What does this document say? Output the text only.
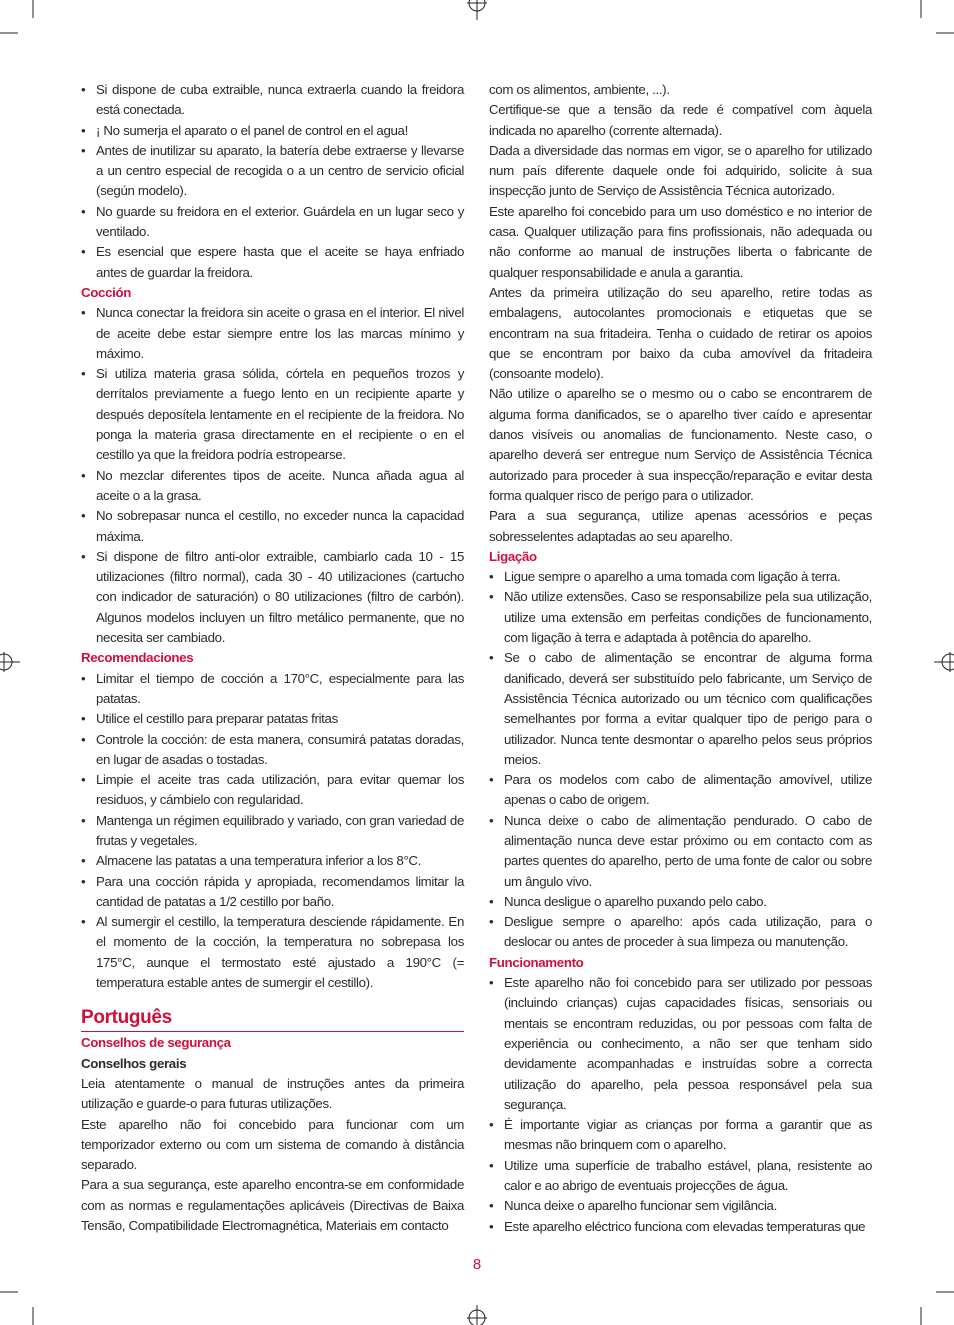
• Si dispone de cuba extraible, nunca extraerla cuando la freidora está conectada.
• ¡ No sumerja el aparato o el panel de control en el agua!
• Antes de inutilizar su aparato, la batería debe extraerse y llevarse a un centro especial de recogida o a un centro de servicio oficial (según modelo).
• No guarde su freidora en el exterior. Guárdela en un lugar seco y ventilado.
• Es esencial que espere hasta que el aceite se haya enfriado antes de guardar la freidora.
Cocción
• Nunca conectar la freidora sin aceite o grasa en el interior. El nivel de aceite debe estar siempre entre los las marcas mínimo y máximo.
• Si utiliza materia grasa sólida, córtela en pequeños trozos y derrítalos previamente a fuego lento en un recipiente aparte y después deposítela lentamente en el recipiente de la freidora. No ponga la materia grasa directamente en el recipiente o en el cestillo ya que la freidora podría estropearse.
• No mezclar diferentes tipos de aceite. Nunca añada agua al aceite o a la grasa.
• No sobrepasar nunca el cestillo, no exceder nunca la capacidad máxima.
• Si dispone de filtro anti-olor extraible, cambiarlo cada 10 - 15 utilizaciones (filtro normal), cada 30 - 40 utilizaciones (cartucho con indicador de saturación) o 80 utilizaciones (filtro de carbón). Algunos modelos incluyen un filtro metálico permanente, que no necesita ser cambiado.
Recomendaciones
• Limitar el tiempo de cocción a 170°C, especialmente para las patatas.
• Utilice el cestillo para preparar patatas fritas
• Controle la cocción: de esta manera, consumirá patatas doradas, en lugar de asadas o tostadas.
• Limpie el aceite tras cada utilización, para evitar quemar los residuos, y cámbielo con regularidad.
• Mantenga un régimen equilibrado y variado, con gran variedad de frutas y vegetales.
• Almacene las patatas a una temperatura inferior a los 8°C.
• Para una cocción rápida y apropiada, recomendamos limitar la cantidad de patatas a 1/2 cestillo por baño.
• Al sumergir el cestillo, la temperatura desciende rápidamente. En el momento de la cocción, la temperatura no sobrepasa los 175°C, aunque el termostato esté ajustado a 190°C (= temperatura estable antes de sumergir el cestillo).
Português
Conselhos de segurança
Conselhos gerais

Leia atentamente o manual de instruções antes da primeira utilização e guarde-o para futuras utilizações.

Este aparelho não foi concebido para funcionar com um temporizador externo ou com um sistema de comando à distância separado.

Para a sua segurança, este aparelho encontra-se em conformidade com as normas e regulamentações aplicáveis (Directivas de Baixa Tensão, Compatibilidade Electromagnética, Materiais em contacto

com os alimentos, ambiente, ...).

Certifique-se que a tensão da rede é compatível com àquela indicada no aparelho (corrente alternada).

Dada a diversidade das normas em vigor, se o aparelho for utilizado num país diferente daquele onde foi adquirido, solicite à sua inspecção junto de Serviço de Assistência Técnica autorizado.

Este aparelho foi concebido para um uso doméstico e no interior de casa. Qualquer utilização para fins profissionais, não adequada ou não conforme ao manual de instruções liberta o fabricante de qualquer responsabilidade e anula a garantia.

Antes da primeira utilização do seu aparelho, retire todas as embalagens, autocolantes promocionais e etiquetas que se encontram na sua fritadeira. Tenha o cuidado de retirar os apoios que se encontram por baixo da cuba amovível da fritadeira (consoante modelo).

Não utilize o aparelho se o mesmo ou o cabo se encontrarem de alguma forma danificados, se o aparelho tiver caído e apresentar danos visíveis ou anomalias de funcionamento. Neste caso, o aparelho deverá ser entregue num Serviço de Assistência Técnica autorizado para proceder à sua inspecção/reparação e evitar desta forma qualquer risco de perigo para o utilizador.

Para a sua segurança, utilize apenas acessórios e peças sobresselentes adaptadas ao seu aparelho.

Ligação
• Ligue sempre o aparelho a uma tomada com ligação à terra.
• Não utilize extensões. Caso se responsabilize pela sua utilização, utilize uma extensão em perfeitas condições de funcionamento, com ligação à terra e adaptada à potência do aparelho.
• Se o cabo de alimentação se encontrar de alguma forma danificado, deverá ser substituído pelo fabricante, um Serviço de Assistência Técnica autorizado ou um técnico com qualificações semelhantes por forma a evitar qualquer tipo de perigo para o utilizador. Nunca tente desmontar o aparelho pelos seus próprios meios.
• Para os modelos com cabo de alimentação amovível, utilize apenas o cabo de origem.
• Nunca deixe o cabo de alimentação pendurado. O cabo de alimentação nunca deve estar próximo ou em contacto com as partes quentes do aparelho, perto de uma fonte de calor ou sobre um ângulo vivo.
• Nunca desligue o aparelho puxando pelo cabo.
• Desligue sempre o aparelho: após cada utilização, para o deslocar ou antes de proceder à sua limpeza ou manutenção.
Funcionamento
• Este aparelho não foi concebido para ser utilizado por pessoas (incluindo crianças) cujas capacidades físicas, sensoriais ou mentais se encontram reduzidas, ou por pessoas com falta de experiência ou conhecimento, a não ser que tenham sido devidamente acompanhadas e instruídas sobre a correcta utilização do aparelho, pela pessoa responsável pela sua segurança.
• É importante vigiar as crianças por forma a garantir que as mesmas não brinquem com o aparelho.
• Utilize uma superfície de trabalho estável, plana, resistente ao calor e ao abrigo de eventuais projecções de água.
• Nunca deixe o aparelho funcionar sem vigilância.
• Este aparelho eléctrico funciona com elevadas temperaturas que
8
